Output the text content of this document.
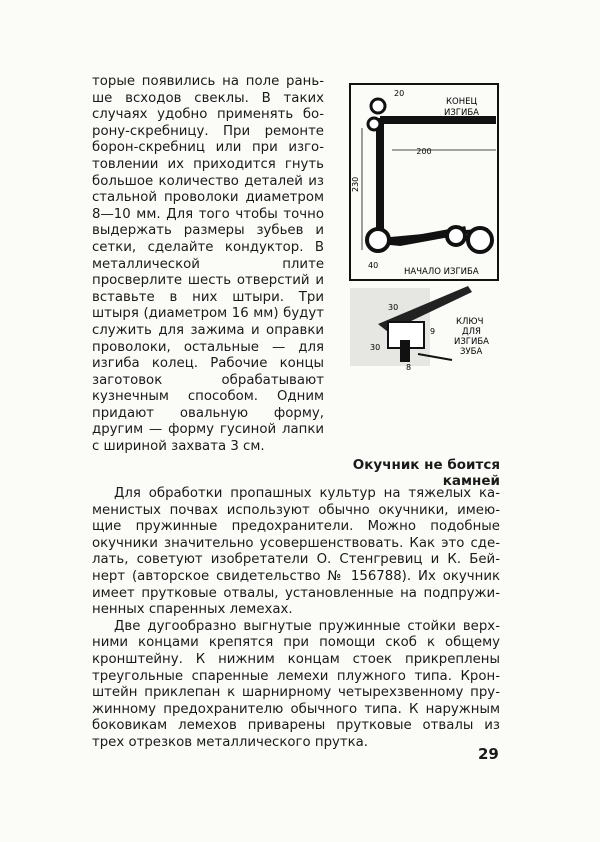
торые появились на поле раньше всходов свеклы. В таких случаях удобно применять борону-скребницу. При ремонте борон-скребниц или при изготовлении их приходится гнуть большое количество деталей из стальной проволоки диаметром 8—10 мм. Для того чтобы точно выдержать размеры зубьев и сетки, сделайте кондуктор. В металлической плите просверлите шесть отверстий и вставьте в них штыри. Три штыря (диаметром 16 мм) будут служить для зажима и оправки проволоки, остальные — для изгиба колец. Рабочие концы заготовок обрабатывают кузнечным способом. Одним придают овальную форму, другим — форму гусиной лапки с шириной захвата 3 см.

20
200
230
40
КОНЕЦ
ИЗГИБА
НАЧАЛО ИЗГИБА
30
30
9
8
КЛЮЧ
ДЛЯ
ИЗГИБА
ЗУБА
Окучник не боится камней

Для обработки пропашных культур на тяжелых каменистых почвах используют обычно окучники, имеющие пружинные предохранители. Можно подобные окучники значительно усовершенствовать. Как это сделать, советуют изобретатели О. Стенгревиц и К. Бейнерт (авторское свидетельство № 156788). Их окучник имеет прутковые отвалы, установленные на подпружиненных спаренных лемехах.

Две дугообразно выгнутые пружинные стойки верхними концами крепятся при помощи скоб к общему кронштейну. К нижним концам стоек прикреплены треугольные спаренные лемехи плужного типа. Кронштейн приклепан к шарнирному четырехзвенному пружинному предохранителю обычного типа. К наружным боковикам лемехов приварены прутковые отвалы из трех отрезков металлического прутка.

29
